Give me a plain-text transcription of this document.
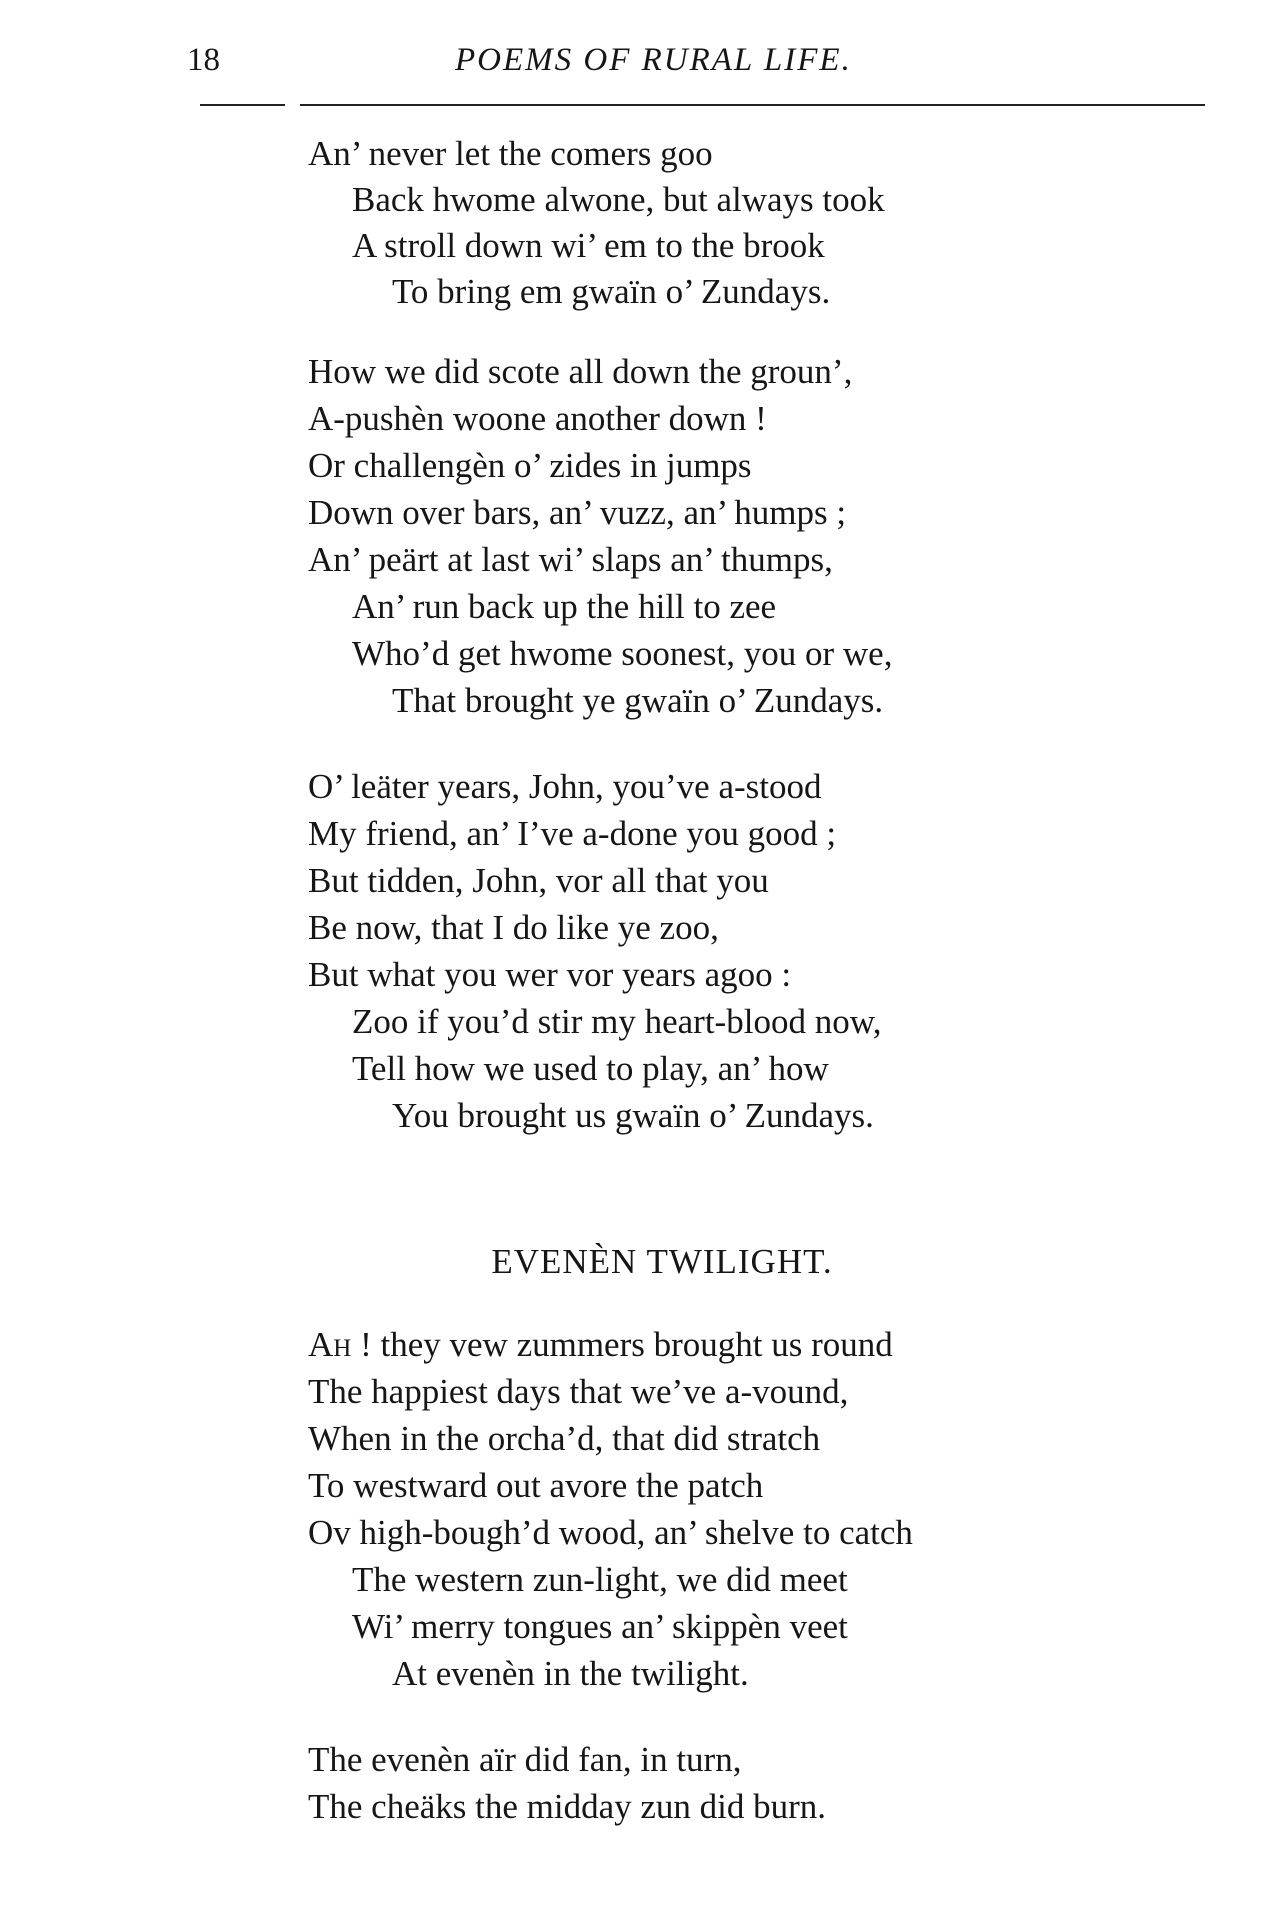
18	POEMS OF RURAL LIFE.
An’ never let the comers goo
Back hwome alwone, but always took
A stroll down wi’ em to the brook
To bring em gwaïn o’ Zundays.
How we did scote all down the groun’,
A-pushèn woone another down !
Or challengèn o’ zides in jumps
Down over bars, an’ vuzz, an’ humps ;
An’ peärt at last wi’ slaps an’ thumps,
An’ run back up the hill to zee
Who’d get hwome soonest, you or we,
That brought ye gwaïn o’ Zundays.
O’ leäter years, John, you’ve a-stood
My friend, an’ I’ve a-done you good ;
But tidden, John, vor all that you
Be now, that I do like ye zoo,
But what you wer vor years agoo :
Zoo if you’d stir my heart-blood now,
Tell how we used to play, an’ how
You brought us gwaïn o’ Zundays.
EVENÈN TWILIGHT.
Ah ! they vew zummers brought us round
The happiest days that we’ve a-vound,
When in the orcha’d, that did stratch
To westward out avore the patch
Ov high-bough’d wood, an’ shelve to catch
The western zun-light, we did meet
Wi’ merry tongues an’ skippèn veet
At evenèn in the twilight.
The evenèn aïr did fan, in turn,
The cheäks the midday zun did burn.
